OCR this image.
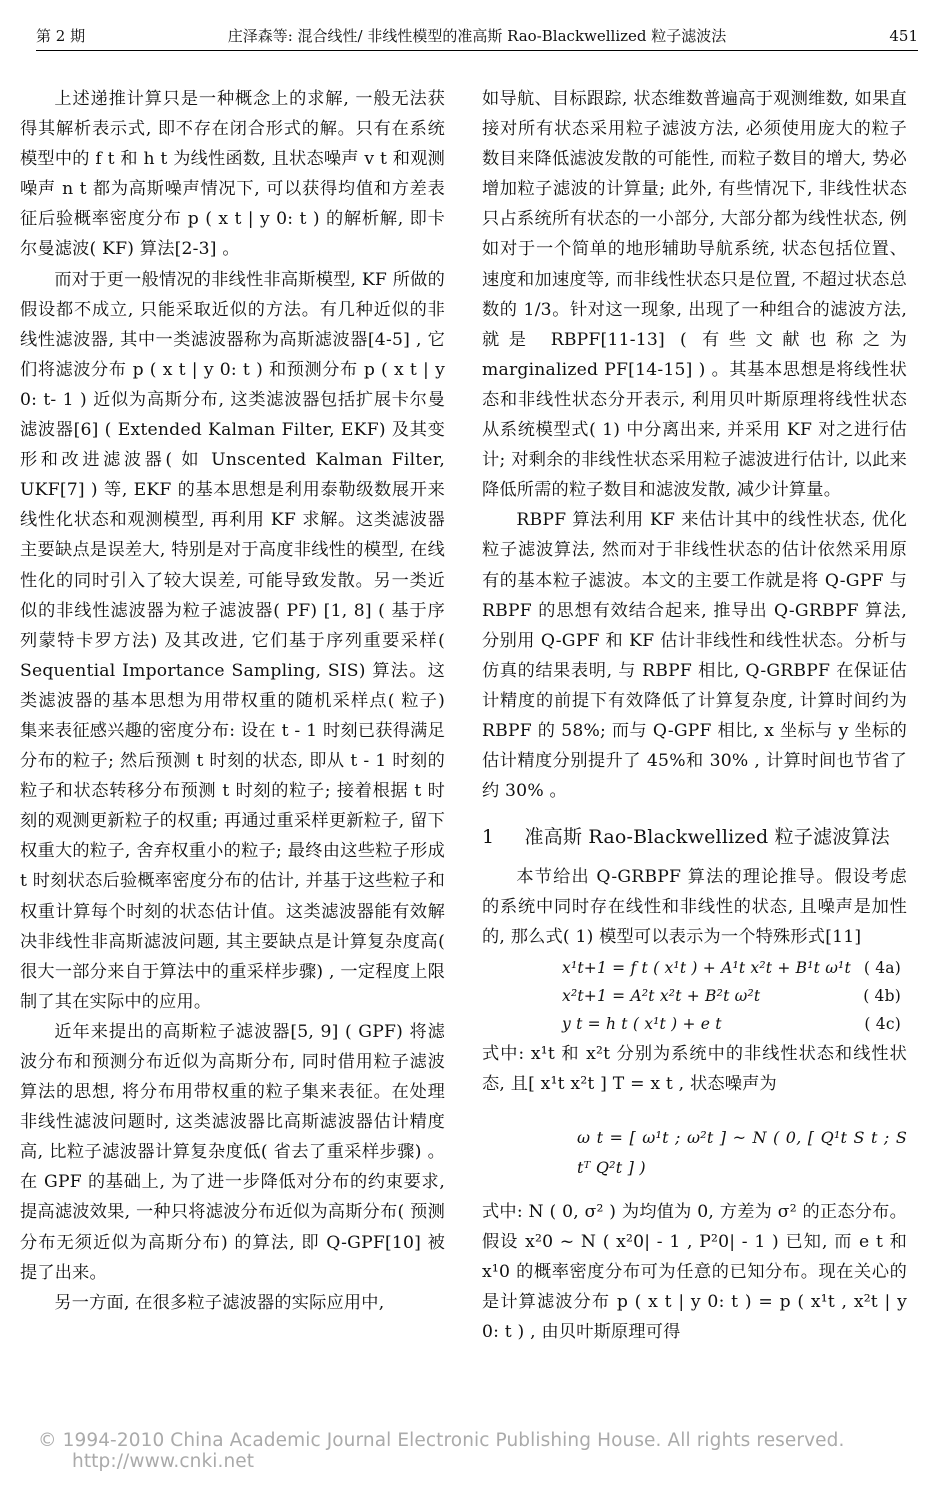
第 2 期	庄泽森等: 混合线性/ 非线性模型的准高斯 Rao-Blackwellized 粒子滤波法	451

上述递推计算只是一种概念上的求解, 一般无法获得其解析表示式, 即不存在闭合形式的解。只有在系统模型中的 f t 和 h t 为线性函数, 且状态噪声 v t 和观测噪声 n t 都为高斯噪声情况下, 可以获得均值和方差表征后验概率密度分布 p ( x t | y 0: t ) 的解析解, 即卡尔曼滤波( KF) 算法[2-3] 。

而对于更一般情况的非线性非高斯模型, KF 所做的假设都不成立, 只能采取近似的方法。有几种近似的非线性滤波器, 其中一类滤波器称为高斯滤波器[4-5] , 它们将滤波分布 p ( x t | y 0: t ) 和预测分布 p ( x t | y 0: t- 1 ) 近似为高斯分布, 这类滤波器包括扩展卡尔曼滤波器[6] ( Extended Kalman Filter, EKF) 及其变形和改进滤波器( 如 Unscented Kalman Filter, UKF[7] ) 等, EKF 的基本思想是利用泰勒级数展开来线性化状态和观测模型, 再利用 KF 求解。这类滤波器主要缺点是误差大, 特别是对于高度非线性的模型, 在线性化的同时引入了较大误差, 可能导致发散。另一类近似的非线性滤波器为粒子滤波器( PF) [1, 8] ( 基于序列蒙特卡罗方法) 及其改进, 它们基于序列重要采样( Sequential Importance Sampling, SIS) 算法。这类滤波器的基本思想为用带权重的随机采样点( 粒子) 集来表征感兴趣的密度分布: 设在 t - 1 时刻已获得满足分布的粒子; 然后预测 t 时刻的状态, 即从 t - 1 时刻的粒子和状态转移分布预测 t 时刻的粒子; 接着根据 t 时刻的观测更新粒子的权重; 再通过重采样更新粒子, 留下权重大的粒子, 舍弃权重小的粒子; 最终由这些粒子形成 t 时刻状态后验概率密度分布的估计, 并基于这些粒子和权重计算每个时刻的状态估计值。这类滤波器能有效解决非线性非高斯滤波问题, 其主要缺点是计算复杂度高( 很大一部分来自于算法中的重采样步骤) , 一定程度上限制了其在实际中的应用。

近年来提出的高斯粒子滤波器[5, 9] ( GPF) 将滤波分布和预测分布近似为高斯分布, 同时借用粒子滤波算法的思想, 将分布用带权重的粒子集来表征。在处理非线性滤波问题时, 这类滤波器比高斯滤波器估计精度高, 比粒子滤波器计算复杂度低( 省去了重采样步骤) 。在 GPF 的基础上, 为了进一步降低对分布的约束要求, 提高滤波效果, 一种只将滤波分布近似为高斯分布( 预测分布无须近似为高斯分布) 的算法, 即 Q-GPF[10] 被提了出来。

另一方面, 在很多粒子滤波器的实际应用中,

如导航、目标跟踪, 状态维数普遍高于观测维数, 如果直接对所有状态采用粒子滤波方法, 必须使用庞大的粒子数目来降低滤波发散的可能性, 而粒子数目的增大, 势必增加粒子滤波的计算量; 此外, 有些情况下, 非线性状态只占系统所有状态的一小部分, 大部分都为线性状态, 例如对于一个简单的地形辅助导航系统, 状态包括位置、速度和加速度等, 而非线性状态只是位置, 不超过状态总数的 1/3。针对这一现象, 出现了一种组合的滤波方法, 就是 RBPF[11-13] ( 有些文献也称之为 marginalized PF[14-15] ) 。其基本思想是将线性状态和非线性状态分开表示, 利用贝叶斯原理将线性状态从系统模型式( 1) 中分离出来, 并采用 KF 对之进行估计; 对剩余的非线性状态采用粒子滤波进行估计, 以此来降低所需的粒子数目和滤波发散, 减少计算量。

RBPF 算法利用 KF 来估计其中的线性状态, 优化粒子滤波算法, 然而对于非线性状态的估计依然采用原有的基本粒子滤波。本文的主要工作就是将 Q-GPF 与 RBPF 的思想有效结合起来, 推导出 Q-GRBPF 算法, 分别用 Q-GPF 和 KF 估计非线性和线性状态。分析与仿真的结果表明, 与 RBPF 相比, Q-GRBPF 在保证估计精度的前提下有效降低了计算复杂度, 计算时间约为 RBPF 的 58%; 而与 Q-GPF 相比, x 坐标与 y 坐标的估计精度分别提升了 45%和 30% , 计算时间也节省了约 30% 。

1 准高斯 Rao-Blackwellized 粒子滤波算法

本节给出 Q-GRBPF 算法的理论推导。假设考虑的系统中同时存在线性和非线性的状态, 且噪声是加性的, 那么式( 1) 模型可以表示为一个特殊形式[11]

x¹t+1 = f t ( x¹t ) + A¹t x²t + B¹t ω¹t ( 4a)
x²t+1 = A²t x²t + B²t ω²t	( 4b)
y t = h t ( x¹t ) + e t	( 4c)

式中: x¹t 和 x²t 分别为系统中的非线性状态和线性状态, 且[ x¹t x²t ] T = x t , 状态噪声为

ω t = [ ω¹t ; ω²t ] ~ N ( 0, [ Q¹t S t ; S tᵀ Q²t ] )

式中: N ( 0, σ² ) 为均值为 0, 方差为 σ² 的正态分布。假设 x²0 ~ N ( x²0| - 1 , P²0| - 1 ) 已知, 而 e t 和 x¹0 的概率密度分布可为任意的已知分布。现在关心的是计算滤波分布 p ( x t | y 0: t ) = p ( x¹t , x²t | y 0: t ) , 由贝叶斯原理可得

© 1994-2010 China Academic Journal Electronic Publishing House. All rights reserved. http://www.cnki.net
